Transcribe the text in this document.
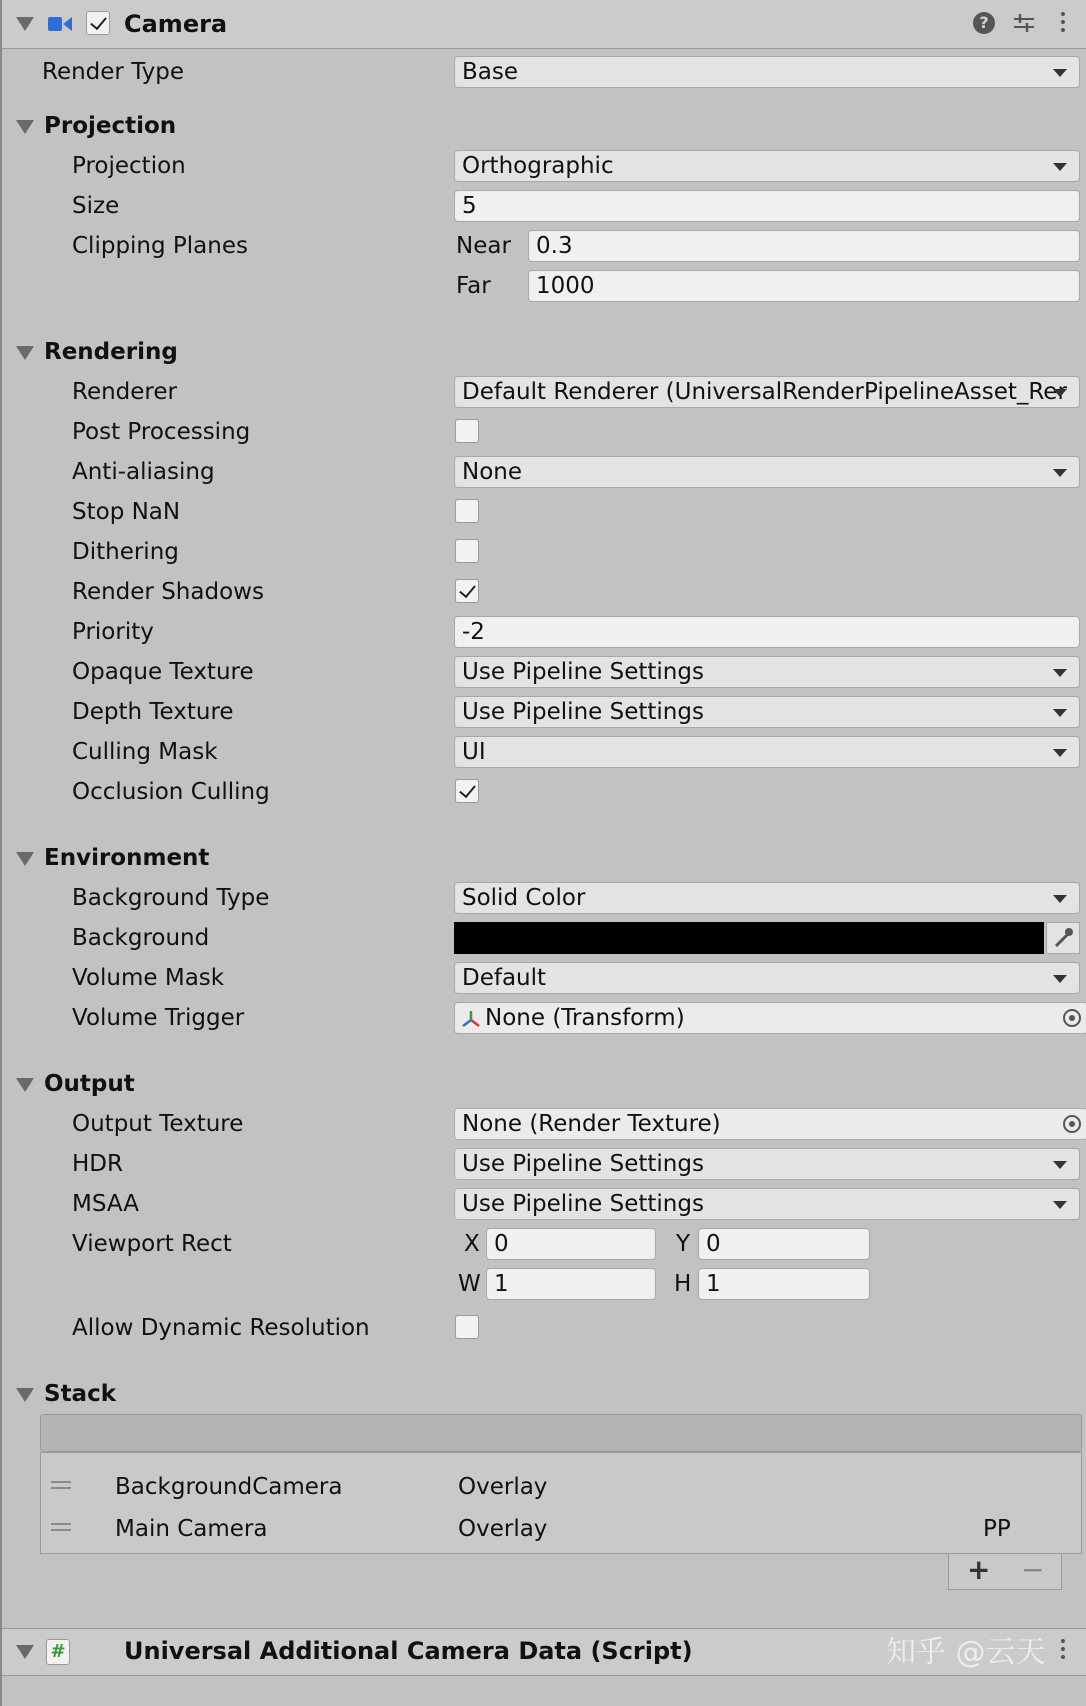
Camera	?
Render Type	Base
Projection
Projection	Orthographic
Size	5
Clipping Planes	Near	0.3
Far	1000
Rendering
Renderer	Default Renderer (UniversalRenderPipelineAsset_Rer
Post Processing
Anti-aliasing	None
Stop NaN
Dithering
Render Shadows
Priority	-2
Opaque Texture	Use Pipeline Settings
Depth Texture	Use Pipeline Settings
Culling Mask	UI
Occlusion Culling
Environment
Background Type	Solid Color
Background
Volume Mask	Default
Volume Trigger	None (Transform)
Output
Output Texture	None (Render Texture)
HDR	Use Pipeline Settings
MSAA	Use Pipeline Settings
Viewport Rect	X 0	Y 0
W 1	H 1
Allow Dynamic Resolution
Stack
BackgroundCamera	Overlay
Main Camera	Overlay	PP
+ −
# Universal Additional Camera Data (Script)	知乎 @云天
